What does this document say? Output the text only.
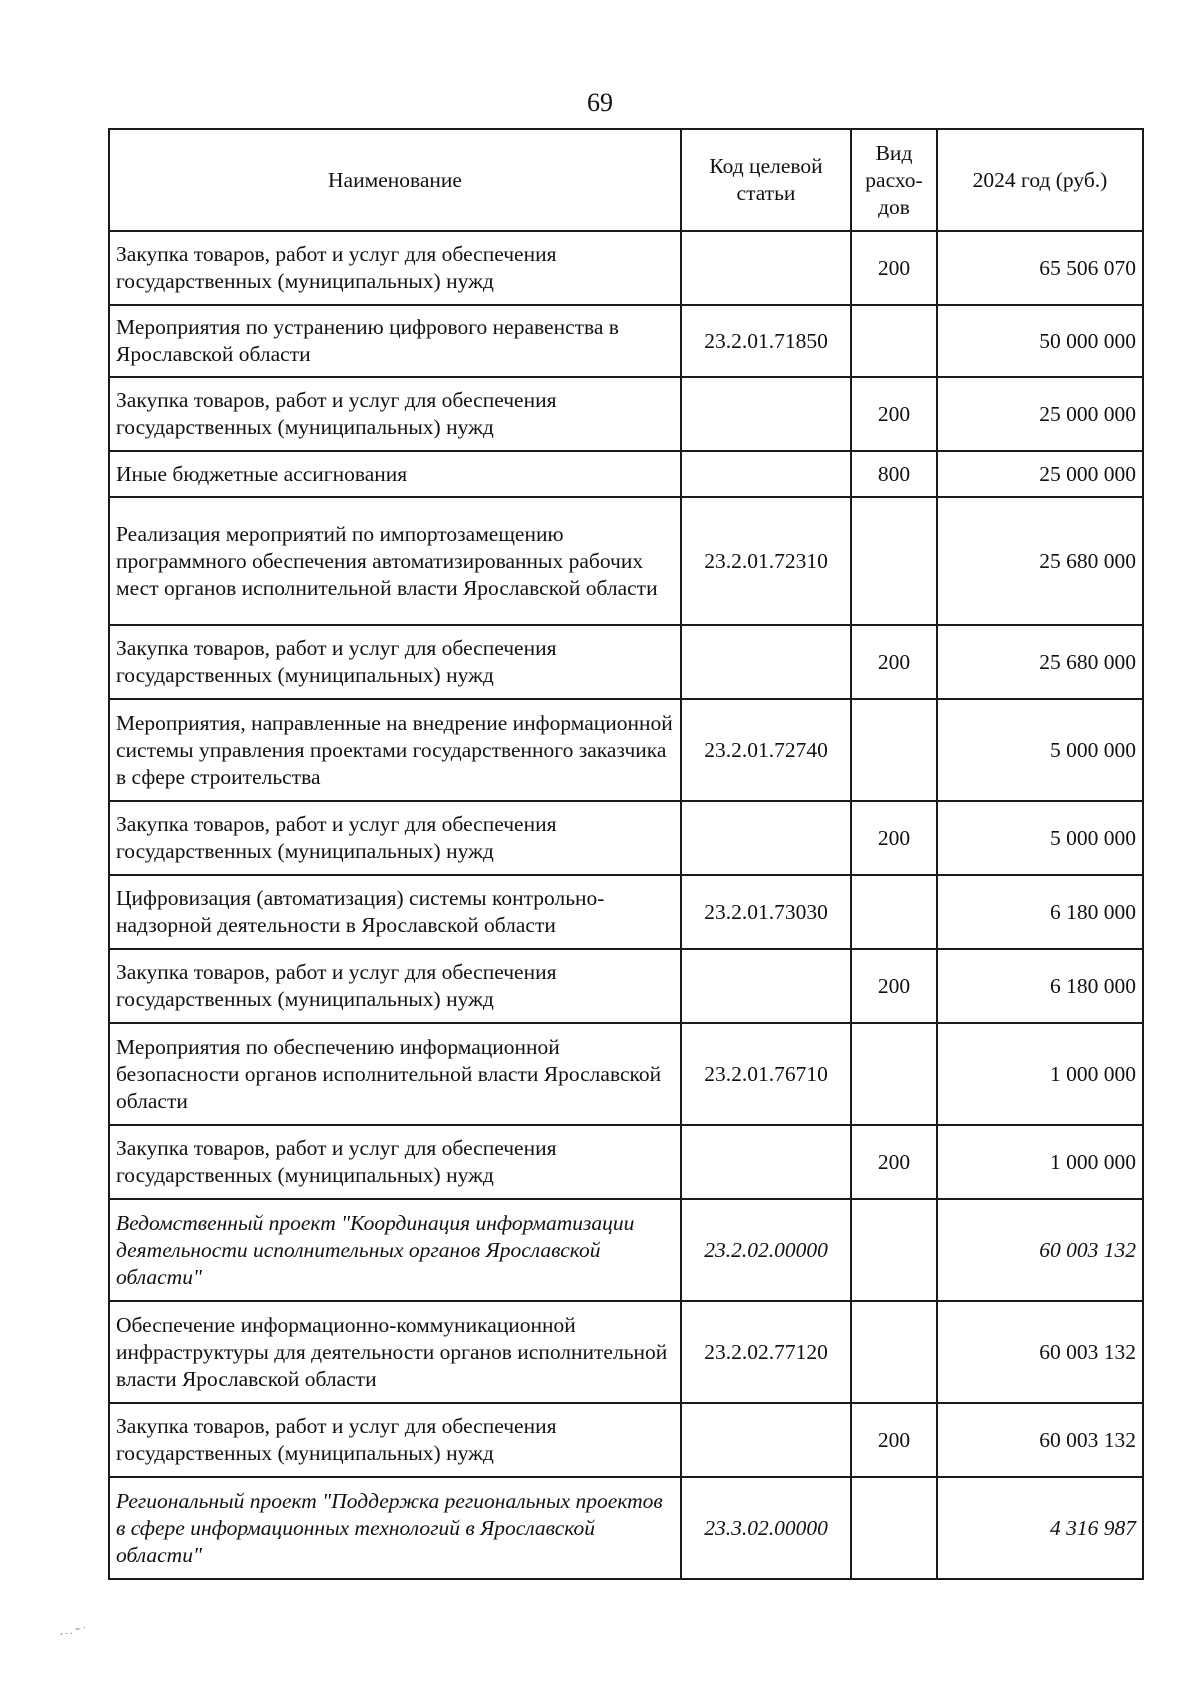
69
Наименование	Код целевой статьи	Вид расхо-дов	2024 год (руб.)
Закупка товаров, работ и услуг для обеспечения государственных (муниципальных) нужд		200	65 506 070
Мероприятия по устранению цифрового неравенства в Ярославской области	23.2.01.71850		50 000 000
Закупка товаров, работ и услуг для обеспечения государственных (муниципальных) нужд		200	25 000 000
Иные бюджетные ассигнования		800	25 000 000
Реализация мероприятий по импортозамещению программного обеспечения автоматизированных рабочих мест органов исполнительной власти Ярославской области	23.2.01.72310		25 680 000
Закупка товаров, работ и услуг для обеспечения государственных (муниципальных) нужд		200	25 680 000
Мероприятия, направленные на внедрение информационной системы управления проектами государственного заказчика в сфере строительства	23.2.01.72740		5 000 000
Закупка товаров, работ и услуг для обеспечения государственных (муниципальных) нужд		200	5 000 000
Цифровизация (автоматизация) системы контрольно-надзорной деятельности в Ярославской области	23.2.01.73030		6 180 000
Закупка товаров, работ и услуг для обеспечения государственных (муниципальных) нужд		200	6 180 000
Мероприятия по обеспечению информационной безопасности органов исполнительной власти Ярославской области	23.2.01.76710		1 000 000
Закупка товаров, работ и услуг для обеспечения государственных (муниципальных) нужд		200	1 000 000
Ведомственный проект "Координация информатизации деятельности исполнительных органов Ярославской области"	23.2.02.00000		60 003 132
Обеспечение информационно-коммуникационной инфраструктуры для деятельности органов исполнительной власти Ярославской области	23.2.02.77120		60 003 132
Закупка товаров, работ и услуг для обеспечения государственных (муниципальных) нужд		200	60 003 132
Региональный проект "Поддержка региональных проектов в сфере информационных технологий в Ярославской области"	23.3.02.00000		4 316 987
, . . ⁼ ˙
